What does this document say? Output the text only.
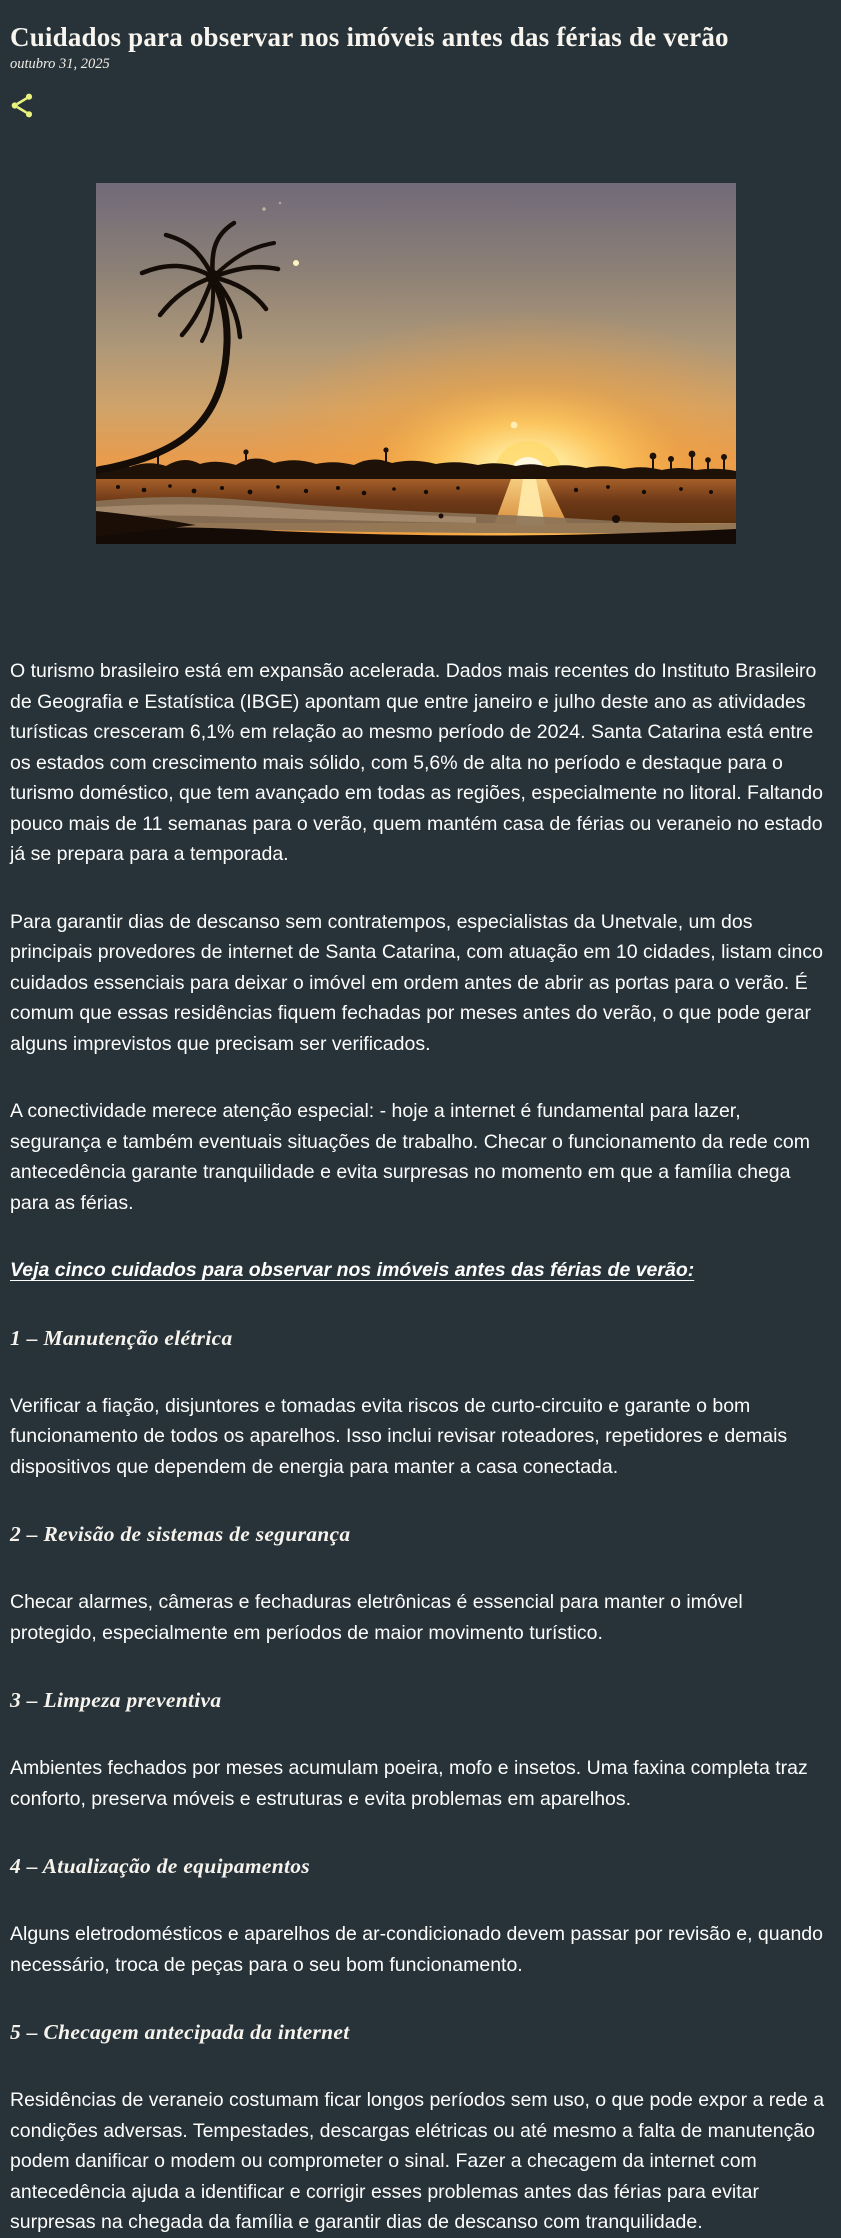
Cuidados para observar nos imóveis antes das férias de verão
outubro 31, 2025

O turismo brasileiro está em expansão acelerada. Dados mais recentes do Instituto Brasileiro de Geografia e Estatística (IBGE) apontam que entre janeiro e julho deste ano as atividades turísticas cresceram 6,1% em relação ao mesmo período de 2024. Santa Catarina está entre os estados com crescimento mais sólido, com 5,6% de alta no período e destaque para o turismo doméstico, que tem avançado em todas as regiões, especialmente no litoral. Faltando pouco mais de 11 semanas para o verão, quem mantém casa de férias ou veraneio no estado já se prepara para a temporada.

Para garantir dias de descanso sem contratempos, especialistas da Unetvale, um dos principais provedores de internet de Santa Catarina, com atuação em 10 cidades, listam cinco cuidados essenciais para deixar o imóvel em ordem antes de abrir as portas para o verão. É comum que essas residências fiquem fechadas por meses antes do verão, o que pode gerar alguns imprevistos que precisam ser verificados.

A conectividade merece atenção especial: - hoje a internet é fundamental para lazer, segurança e também eventuais situações de trabalho. Checar o funcionamento da rede com antecedência garante tranquilidade e evita surpresas no momento em que a família chega para as férias.

Veja cinco cuidados para observar nos imóveis antes das férias de verão:

1 – Manutenção elétrica

Verificar a fiação, disjuntores e tomadas evita riscos de curto-circuito e garante o bom funcionamento de todos os aparelhos. Isso inclui revisar roteadores, repetidores e demais dispositivos que dependem de energia para manter a casa conectada.

2 – Revisão de sistemas de segurança

Checar alarmes, câmeras e fechaduras eletrônicas é essencial para manter o imóvel protegido, especialmente em períodos de maior movimento turístico.

3 – Limpeza preventiva

Ambientes fechados por meses acumulam poeira, mofo e insetos. Uma faxina completa traz conforto, preserva móveis e estruturas e evita problemas em aparelhos.

4 – Atualização de equipamentos

Alguns eletrodomésticos e aparelhos de ar-condicionado devem passar por revisão e, quando necessário, troca de peças para o seu bom funcionamento.

5 – Checagem antecipada da internet

Residências de veraneio costumam ficar longos períodos sem uso, o que pode expor a rede a condições adversas. Tempestades, descargas elétricas ou até mesmo a falta de manutenção podem danificar o modem ou comprometer o sinal. Fazer a checagem da internet com antecedência ajuda a identificar e corrigir esses problemas antes das férias para evitar surpresas na chegada da família e garantir dias de descanso com tranquilidade.
